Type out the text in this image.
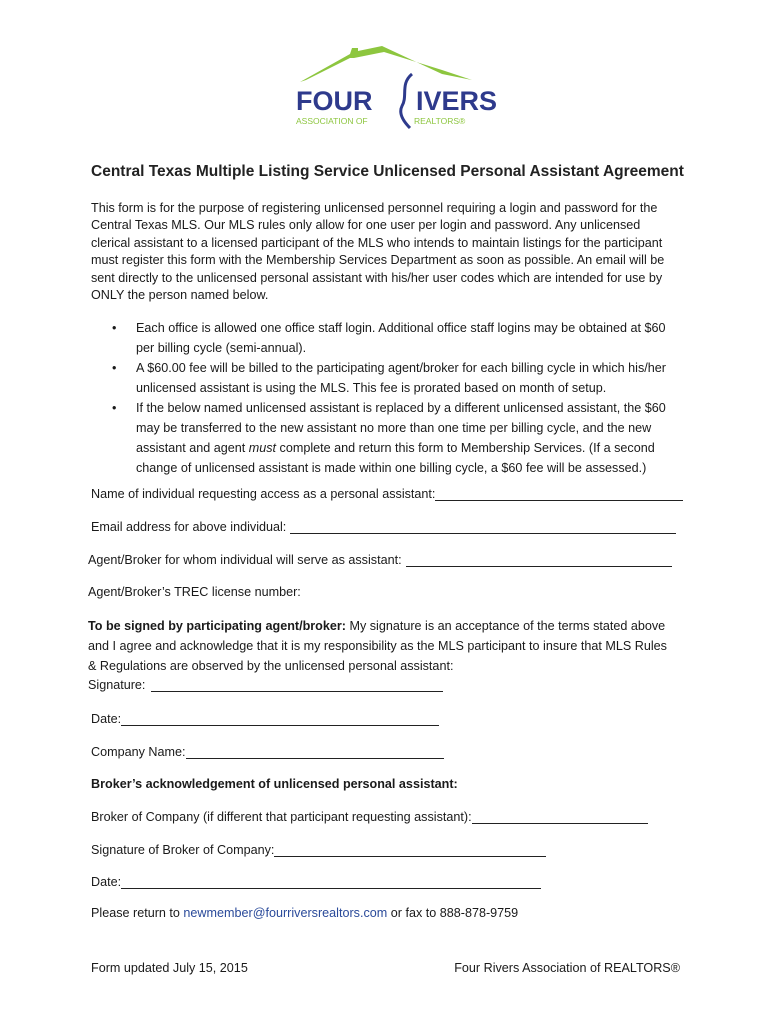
FOUR IVERS
ASSOCIATION OF	REALTORS®
Central Texas Multiple Listing Service Unlicensed Personal Assistant Agreement
This form is for the purpose of registering unlicensed personnel requiring a login and password for the Central Texas MLS. Our MLS rules only allow for one user per login and password. Any unlicensed clerical assistant to a licensed participant of the MLS who intends to maintain listings for the participant must register this form with the Membership Services Department as soon as possible. An email will be sent directly to the unlicensed personal assistant with his/her user codes which are intended for use by ONLY the person named below.
• Each office is allowed one office staff login. Additional office staff logins may be obtained at $60 per billing cycle (semi-annual).
• A $60.00 fee will be billed to the participating agent/broker for each billing cycle in which his/her unlicensed assistant is using the MLS. This fee is prorated based on month of setup.
• If the below named unlicensed assistant is replaced by a different unlicensed assistant, the $60 may be transferred to the new assistant no more than one time per billing cycle, and the new assistant and agent must complete and return this form to Membership Services. (If a second change of unlicensed assistant is made within one billing cycle, a $60 fee will be assessed.)
Name of individual requesting access as a personal assistant:
Email address for above individual:
Agent/Broker for whom individual will serve as assistant:
Agent/Broker’s TREC license number:
To be signed by participating agent/broker: My signature is an acceptance of the terms stated above and I agree and acknowledge that it is my responsibility as the MLS participant to insure that MLS Rules & Regulations are observed by the unlicensed personal assistant:
Signature:
Date:
Company Name:
Broker’s acknowledgement of unlicensed personal assistant:
Broker of Company (if different that participant requesting assistant):
Signature of Broker of Company:
Date:
Please return to newmember@fourriversrealtors.com or fax to 888-878-9759
Form updated July 15, 2015	Four Rivers Association of REALTORS®
